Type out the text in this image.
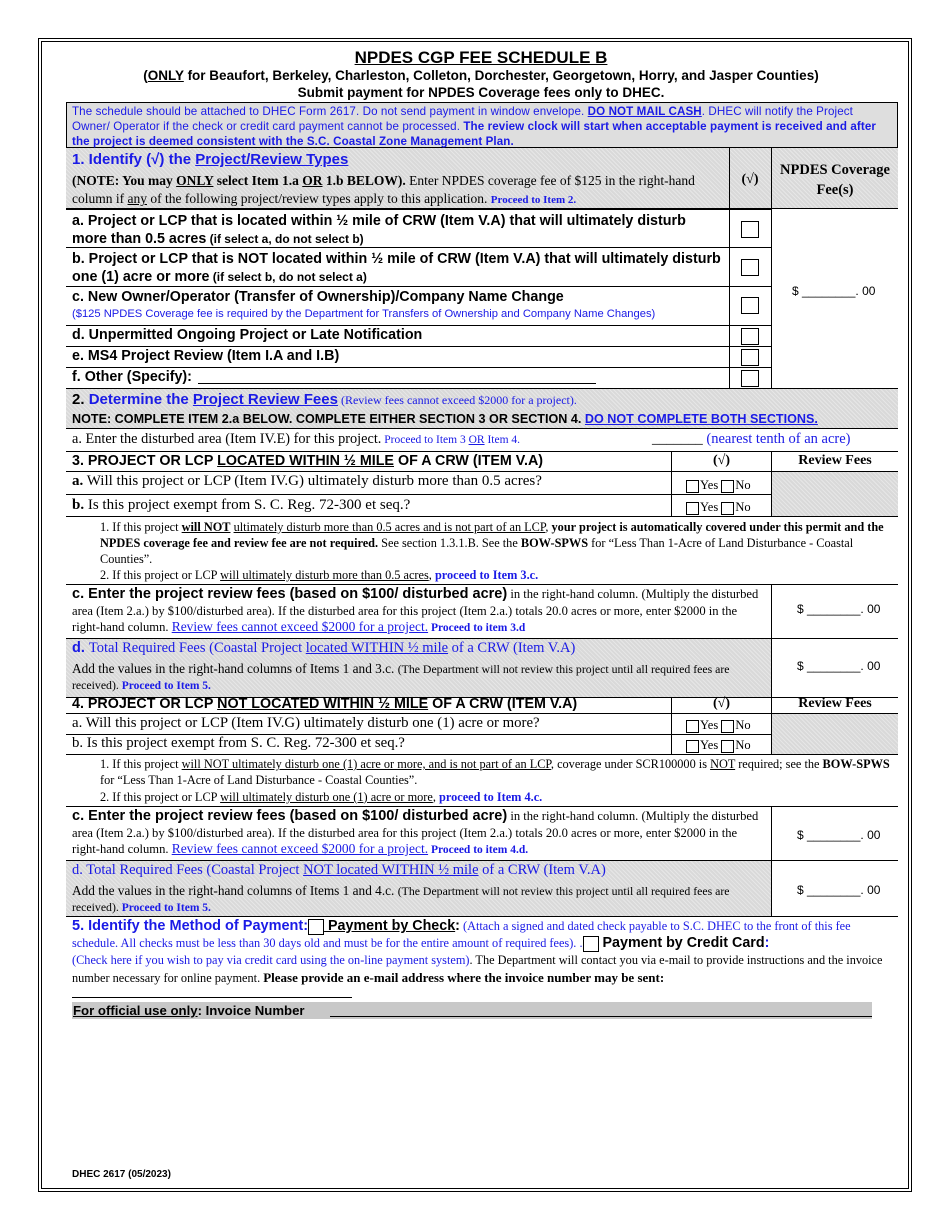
NPDES CGP FEE SCHEDULE B
(ONLY for Beaufort, Berkeley, Charleston, Colleton, Dorchester, Georgetown, Horry, and Jasper Counties)
Submit payment for NPDES Coverage fees only to DHEC.
The schedule should be attached to DHEC Form 2617. Do not send payment in window envelope. DO NOT MAIL CASH. DHEC will notify the Project Owner/ Operator if the check or credit card payment cannot be processed. The review clock will start when acceptable payment is received and after the project is deemed consistent with the S.C. Coastal Zone Management Plan.
1. Identify (√) the Project/Review Types
(NOTE: You may ONLY select Item 1.a OR 1.b BELOW). Enter NPDES coverage fee of $125 in the right-hand column if any of the following project/review types apply to this application. Proceed to Item 2.
(√)
NPDES Coverage Fee(s)
a. Project or LCP that is located within ½ mile of CRW (Item V.A) that will ultimately disturb more than 0.5 acres (if select a, do not select b)
b. Project or LCP that is NOT located within ½ mile of CRW (Item V.A) that will ultimately disturb one (1) acre or more (if select b, do not select a)
c. New Owner/Operator (Transfer of Ownership)/Company Name Change
($125 NPDES Coverage fee is required by the Department for Transfers of Ownership and Company Name Changes)
$ ________. 00
d. Unpermitted Ongoing Project or Late Notification
e. MS4 Project Review (Item I.A and I.B)
f. Other (Specify):
2. Determine the Project Review Fees (Review fees cannot exceed $2000 for a project).
NOTE: COMPLETE ITEM 2.a BELOW. COMPLETE EITHER SECTION 3 OR SECTION 4. DO NOT COMPLETE BOTH SECTIONS.
a. Enter the disturbed area (Item IV.E) for this project. Proceed to Item 3 OR Item 4.	_______ (nearest tenth of an acre)
3. PROJECT OR LCP LOCATED WITHIN ½ MILE OF A CRW (ITEM V.A)	(√)	Review Fees
a. Will this project or LCP (Item IV.G) ultimately disturb more than 0.5 acres?	Yes No
b. Is this project exempt from S. C. Reg. 72-300 et seq.?	Yes No
1. If this project will NOT ultimately disturb more than 0.5 acres and is not part of an LCP, your project is automatically covered under this permit and the NPDES coverage fee and review fee are not required. See section 1.3.1.B. See the BOW-SPWS for “Less Than 1-Acre of Land Disturbance - Coastal Counties”.
2. If this project or LCP will ultimately disturb more than 0.5 acres, proceed to Item 3.c.
c. Enter the project review fees (based on $100/ disturbed acre) in the right-hand column. (Multiply the disturbed area (Item 2.a.) by $100/disturbed area). If the disturbed area for this project (Item 2.a.) totals 20.0 acres or more, enter $2000 in the right-hand column. Review fees cannot exceed $2000 for a project. Proceed to item 3.d
$ ________. 00
d. Total Required Fees (Coastal Project located WITHIN ½ mile of a CRW (Item V.A)
Add the values in the right-hand columns of Items 1 and 3.c. (The Department will not review this project until all required fees are received). Proceed to Item 5.
$ ________. 00
4. PROJECT OR LCP NOT LOCATED WITHIN ½ MILE OF A CRW (ITEM V.A)	(√)	Review Fees
a. Will this project or LCP (Item IV.G) ultimately disturb one (1) acre or more?	Yes No
b. Is this project exempt from S. C. Reg. 72-300 et seq.?	Yes No
1. If this project will NOT ultimately disturb one (1) acre or more, and is not part of an LCP, coverage under SCR100000 is NOT required; see the BOW-SPWS for “Less Than 1-Acre of Land Disturbance - Coastal Counties”.
2. If this project or LCP will ultimately disturb one (1) acre or more, proceed to Item 4.c.
c. Enter the project review fees (based on $100/ disturbed acre) in the right-hand column. (Multiply the disturbed area (Item 2.a.) by $100/disturbed area). If the disturbed area for this project (Item 2.a.) totals 20.0 acres or more, enter $2000 in the right-hand column. Review fees cannot exceed $2000 for a project. Proceed to item 4.d.
$ ________. 00
d. Total Required Fees (Coastal Project NOT located WITHIN ½ mile of a CRW (Item V.A)
Add the values in the right-hand columns of Items 1 and 4.c. (The Department will not review this project until all required fees are received). Proceed to Item 5.
$ ________. 00
5. Identify the Method of Payment: Payment by Check: (Attach a signed and dated check payable to S.C. DHEC to the front of this fee schedule. All checks must be less than 30 days old and must be for the entire amount of required fees). . Payment by Credit Card:
(Check here if you wish to pay via credit card using the on-line payment system). The Department will contact you via e-mail to provide instructions and the invoice number necessary for online payment. Please provide an e-mail address where the invoice number may be sent:
For official use only: Invoice Number
DHEC 2617 (05/2023)
